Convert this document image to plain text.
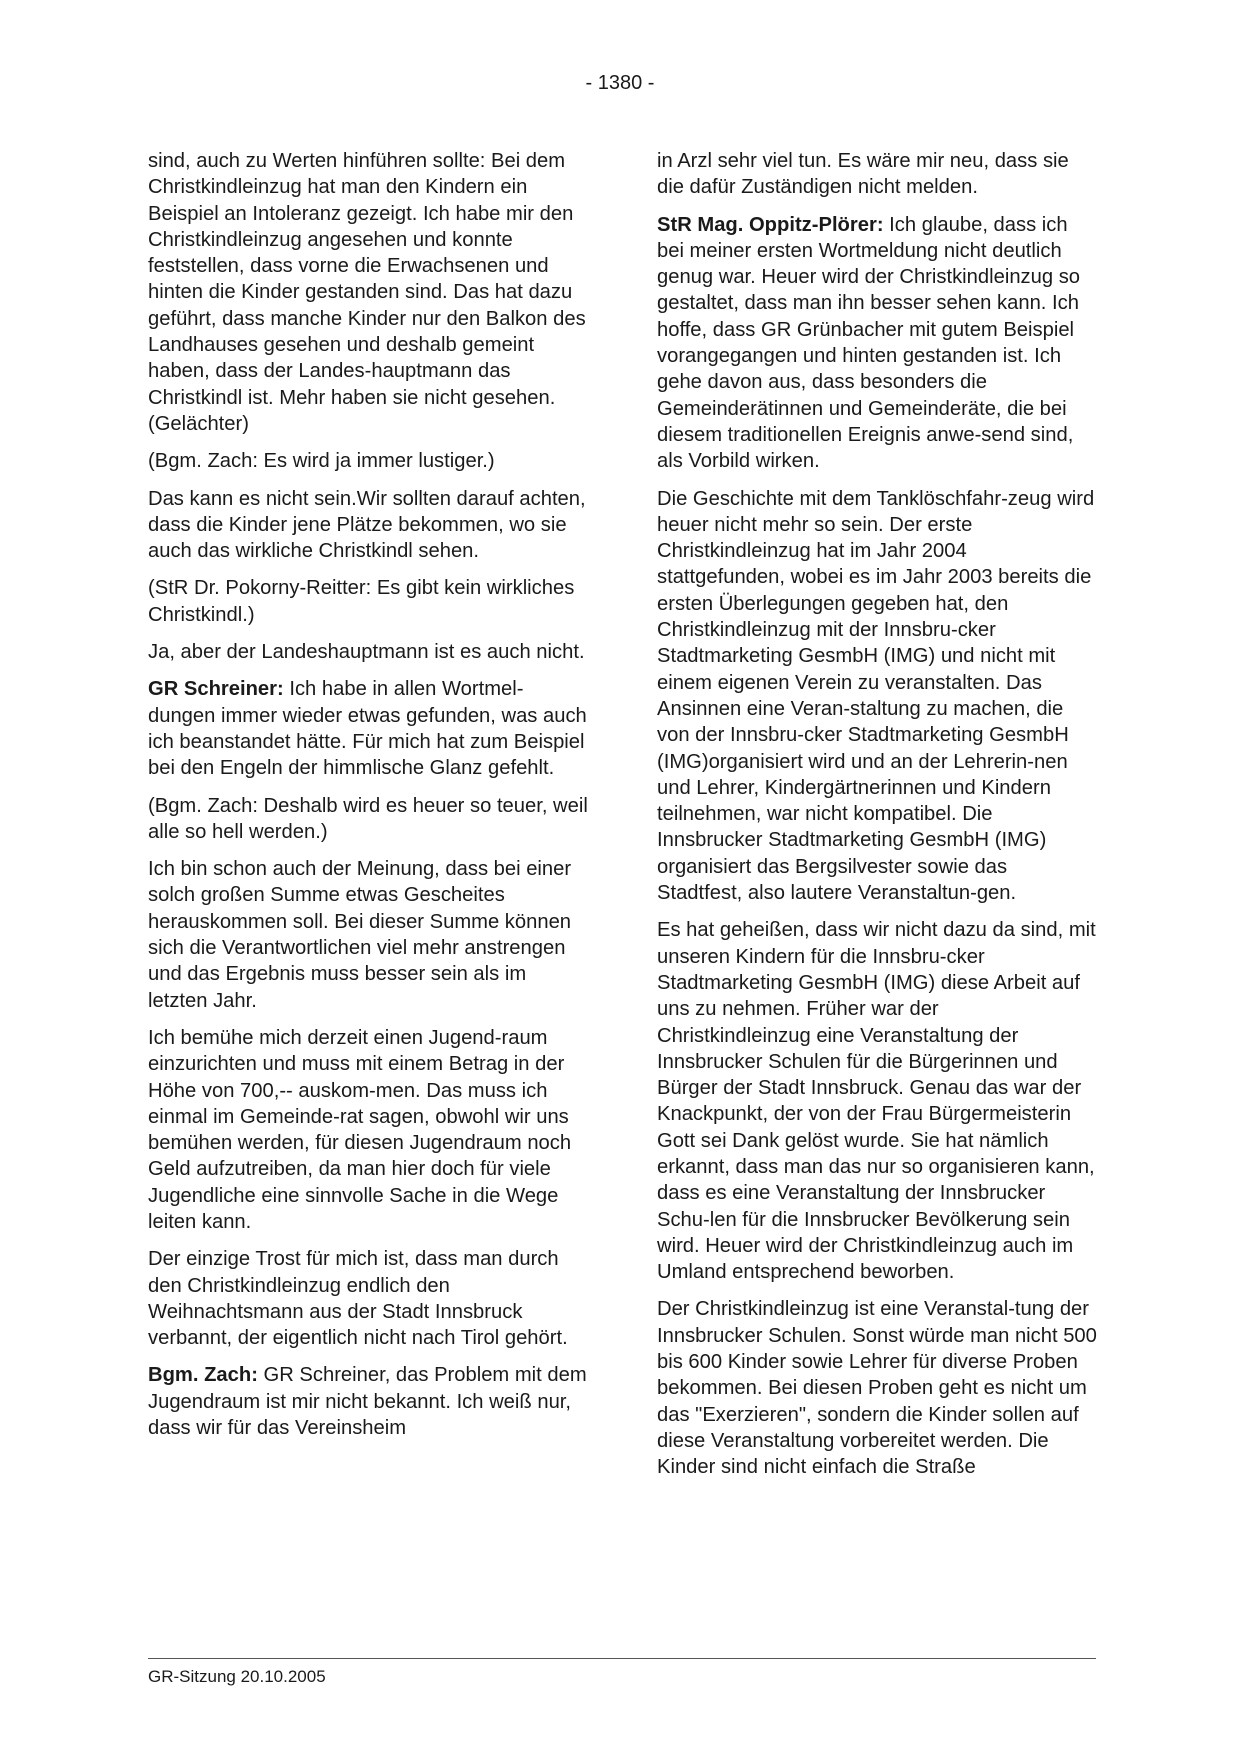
- 1380 -

sind, auch zu Werten hinführen sollte: Bei dem Christkindleinzug hat man den Kindern ein Beispiel an Intoleranz gezeigt. Ich habe mir den Christkindleinzug angesehen und konnte feststellen, dass vorne die Erwachsenen und hinten die Kinder gestanden sind. Das hat dazu geführt, dass manche Kinder nur den Balkon des Landhauses gesehen und deshalb gemeint haben, dass der Landes-hauptmann das Christkindl ist. Mehr haben sie nicht gesehen. (Gelächter)

(Bgm. Zach: Es wird ja immer lustiger.)

Das kann es nicht sein.Wir sollten darauf achten, dass die Kinder jene Plätze bekommen, wo sie auch das wirkliche Christkindl sehen.

(StR Dr. Pokorny-Reitter: Es gibt kein wirkliches Christkindl.)

Ja, aber der Landeshauptmann ist es auch nicht.

GR Schreiner: Ich habe in allen Wortmel-dungen immer wieder etwas gefunden, was auch ich beanstandet hätte. Für mich hat zum Beispiel bei den Engeln der himmlische Glanz gefehlt.

(Bgm. Zach: Deshalb wird es heuer so teuer, weil alle so hell werden.)

Ich bin schon auch der Meinung, dass bei einer solch großen Summe etwas Gescheites herauskommen soll. Bei dieser Summe können sich die Verantwortlichen viel mehr anstrengen und das Ergebnis muss besser sein als im letzten Jahr.

Ich bemühe mich derzeit einen Jugend-raum einzurichten und muss mit einem Betrag in der Höhe von 700,-- auskom-men. Das muss ich einmal im Gemeinde-rat sagen, obwohl wir uns bemühen werden, für diesen Jugendraum noch Geld aufzutreiben, da man hier doch für viele Jugendliche eine sinnvolle Sache in die Wege leiten kann.

Der einzige Trost für mich ist, dass man durch den Christkindleinzug endlich den Weihnachtsmann aus der Stadt Innsbruck verbannt, der eigentlich nicht nach Tirol gehört.

Bgm. Zach: GR Schreiner, das Problem mit dem Jugendraum ist mir nicht bekannt. Ich weiß nur, dass wir für das Vereinsheim

in Arzl sehr viel tun. Es wäre mir neu, dass sie die dafür Zuständigen nicht melden.

StR Mag. Oppitz-Plörer: Ich glaube, dass ich bei meiner ersten Wortmeldung nicht deutlich genug war. Heuer wird der Christkindleinzug so gestaltet, dass man ihn besser sehen kann. Ich hoffe, dass GR Grünbacher mit gutem Beispiel vorangegangen und hinten gestanden ist. Ich gehe davon aus, dass besonders die Gemeinderätinnen und Gemeinderäte, die bei diesem traditionellen Ereignis anwe-send sind, als Vorbild wirken.

Die Geschichte mit dem Tanklöschfahr-zeug wird heuer nicht mehr so sein. Der erste Christkindleinzug hat im Jahr 2004 stattgefunden, wobei es im Jahr 2003 bereits die ersten Überlegungen gegeben hat, den Christkindleinzug mit der Innsbru-cker Stadtmarketing GesmbH (IMG) und nicht mit einem eigenen Verein zu veranstalten. Das Ansinnen eine Veran-staltung zu machen, die von der Innsbru-cker Stadtmarketing GesmbH (IMG)organisiert wird und an der Lehrerin-nen und Lehrer, Kindergärtnerinnen und Kindern teilnehmen, war nicht kompatibel. Die Innsbrucker Stadtmarketing GesmbH (IMG) organisiert das Bergsilvester sowie das Stadtfest, also lautere Veranstaltun-gen.

Es hat geheißen, dass wir nicht dazu da sind, mit unseren Kindern für die Innsbru-cker Stadtmarketing GesmbH (IMG) diese Arbeit auf uns zu nehmen. Früher war der Christkindleinzug eine Veranstaltung der Innsbrucker Schulen für die Bürgerinnen und Bürger der Stadt Innsbruck. Genau das war der Knackpunkt, der von der Frau Bürgermeisterin Gott sei Dank gelöst wurde. Sie hat nämlich erkannt, dass man das nur so organisieren kann, dass es eine Veranstaltung der Innsbrucker Schu-len für die Innsbrucker Bevölkerung sein wird. Heuer wird der Christkindleinzug auch im Umland entsprechend beworben.

Der Christkindleinzug ist eine Veranstal-tung der Innsbrucker Schulen. Sonst würde man nicht 500 bis 600 Kinder sowie Lehrer für diverse Proben bekommen. Bei diesen Proben geht es nicht um das "Exerzieren", sondern die Kinder sollen auf diese Veranstaltung vorbereitet werden. Die Kinder sind nicht einfach die Straße

GR-Sitzung 20.10.2005
